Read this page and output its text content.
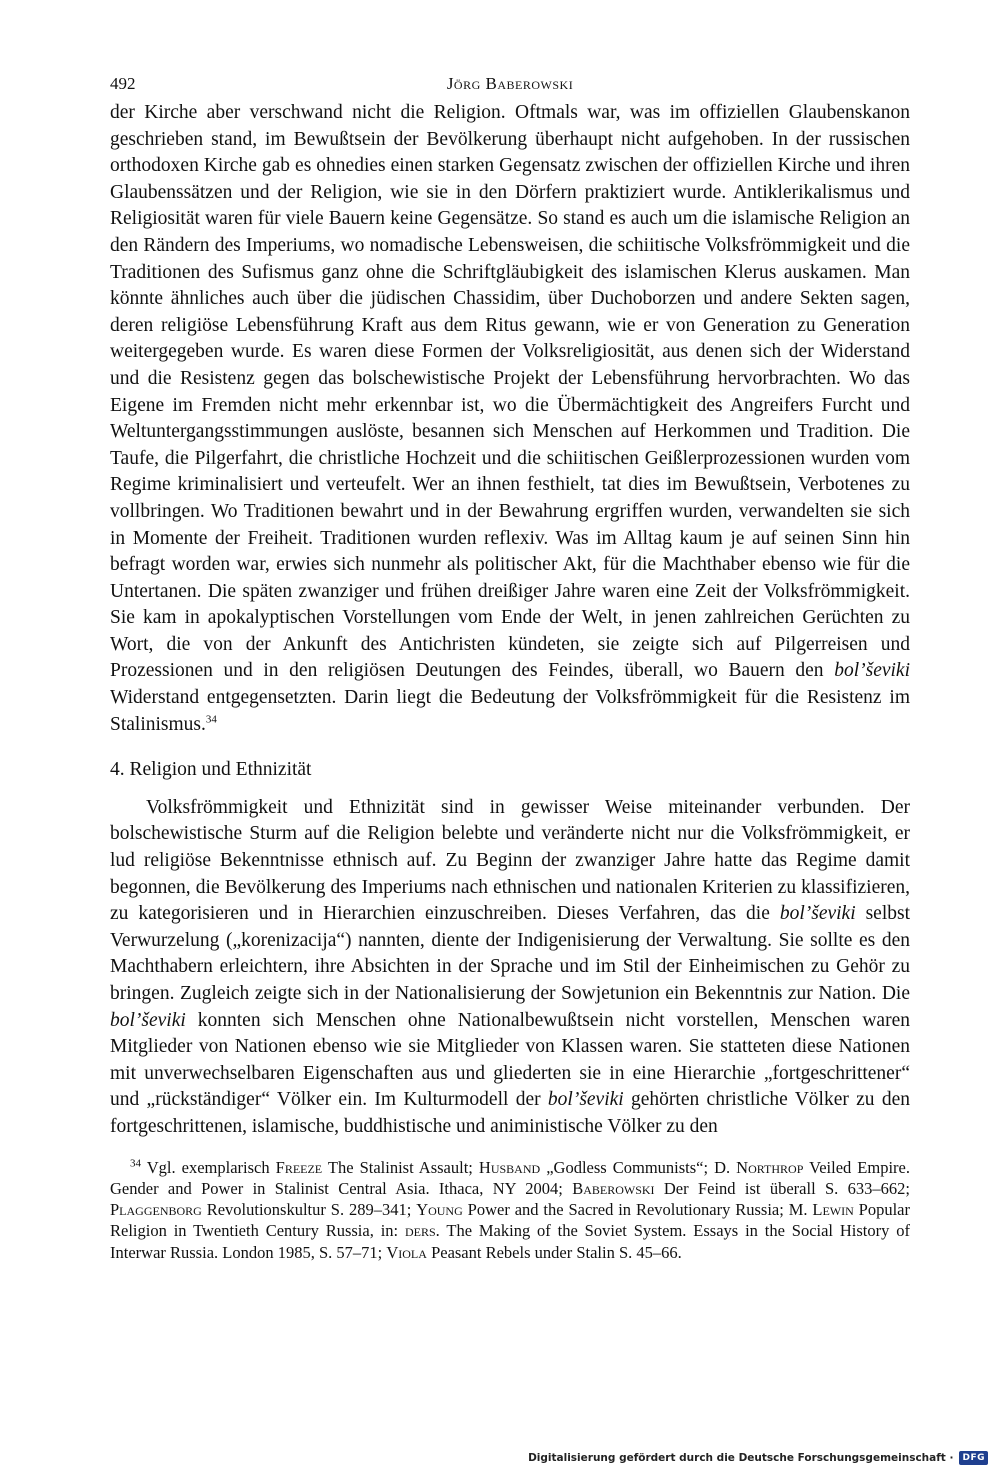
492	Jörg Baberowski

der Kirche aber verschwand nicht die Religion. Oftmals war, was im offiziellen Glaubenskanon geschrieben stand, im Bewußtsein der Bevölkerung überhaupt nicht aufgehoben. In der russischen orthodoxen Kirche gab es ohnedies einen starken Gegensatz zwischen der offiziellen Kirche und ihren Glaubenssätzen und der Religion, wie sie in den Dörfern praktiziert wurde. Antiklerikalismus und Religiosität waren für viele Bauern keine Gegensätze. So stand es auch um die islamische Religion an den Rändern des Imperiums, wo nomadische Lebensweisen, die schiitische Volksfrömmigkeit und die Traditionen des Sufismus ganz ohne die Schriftgläubigkeit des islamischen Klerus auskamen. Man könnte ähnliches auch über die jüdischen Chassidim, über Duchoborzen und andere Sekten sagen, deren religiöse Lebensführung Kraft aus dem Ritus gewann, wie er von Generation zu Generation weitergegeben wurde. Es waren diese Formen der Volksreligiosität, aus denen sich der Widerstand und die Resistenz gegen das bolschewistische Projekt der Lebensführung hervorbrachten. Wo das Eigene im Fremden nicht mehr erkennbar ist, wo die Übermächtigkeit des Angreifers Furcht und Weltuntergangsstimmungen auslöste, besannen sich Menschen auf Herkommen und Tradition. Die Taufe, die Pilgerfahrt, die christliche Hochzeit und die schiitischen Geißlerprozessionen wurden vom Regime kriminalisiert und verteufelt. Wer an ihnen festhielt, tat dies im Bewußtsein, Verbotenes zu vollbringen. Wo Traditionen bewahrt und in der Bewahrung ergriffen wurden, verwandelten sie sich in Momente der Freiheit. Traditionen wurden reflexiv. Was im Alltag kaum je auf seinen Sinn hin befragt worden war, erwies sich nunmehr als politischer Akt, für die Machthaber ebenso wie für die Untertanen. Die späten zwanziger und frühen dreißiger Jahre waren eine Zeit der Volksfrömmigkeit. Sie kam in apokalyptischen Vorstellungen vom Ende der Welt, in jenen zahlreichen Gerüchten zu Wort, die von der Ankunft des Antichristen kündeten, sie zeigte sich auf Pilgerreisen und Prozessionen und in den religiösen Deutungen des Feindes, überall, wo Bauern den bol’ševiki Widerstand entgegensetzten. Darin liegt die Bedeutung der Volksfrömmigkeit für die Resistenz im Stalinismus.$^{34}$

4. Religion und Ethnizität

Volksfrömmigkeit und Ethnizität sind in gewisser Weise miteinander verbunden. Der bolschewistische Sturm auf die Religion belebte und veränderte nicht nur die Volksfrömmigkeit, er lud religiöse Bekenntnisse ethnisch auf. Zu Beginn der zwanziger Jahre hatte das Regime damit begonnen, die Bevölkerung des Imperiums nach ethnischen und nationalen Kriterien zu klassifizieren, zu kategorisieren und in Hierarchien einzuschreiben. Dieses Verfahren, das die bol’ševiki selbst Verwurzelung („korenizacija“) nannten, diente der Indigenisierung der Verwaltung. Sie sollte es den Machthabern erleichtern, ihre Absichten in der Sprache und im Stil der Einheimischen zu Gehör zu bringen. Zugleich zeigte sich in der Nationalisierung der Sowjetunion ein Bekenntnis zur Nation. Die bol’ševiki konnten sich Menschen ohne Nationalbewußtsein nicht vorstellen, Menschen waren Mitglieder von Nationen ebenso wie sie Mitglieder von Klassen waren. Sie statteten diese Nationen mit unverwechselbaren Eigenschaften aus und gliederten sie in eine Hierarchie „fortgeschrittener“ und „rückständiger“ Völker ein. Im Kulturmodell der bol’ševiki gehörten christliche Völker zu den fortgeschrittenen, islamische, buddhistische und aniministische Völker zu den

$^{34}$ Vgl. exemplarisch Freeze The Stalinist Assault; Husband „Godless Communists“; D. Northrop Veiled Empire. Gender and Power in Stalinist Central Asia. Ithaca, NY 2004; Baberowski Der Feind ist überall S. 633–662; Plaggenborg Revolutionskultur S. 289–341; Young Power and the Sacred in Revolutionary Russia; M. Lewin Popular Religion in Twentieth Century Russia, in: ders. The Making of the Soviet System. Essays in the Social History of Interwar Russia. London 1985, S. 57–71; Viola Peasant Rebels under Stalin S. 45–66.

Digitalisierung gefördert durch die Deutsche Forschungsgemeinschaft ·	DFG
